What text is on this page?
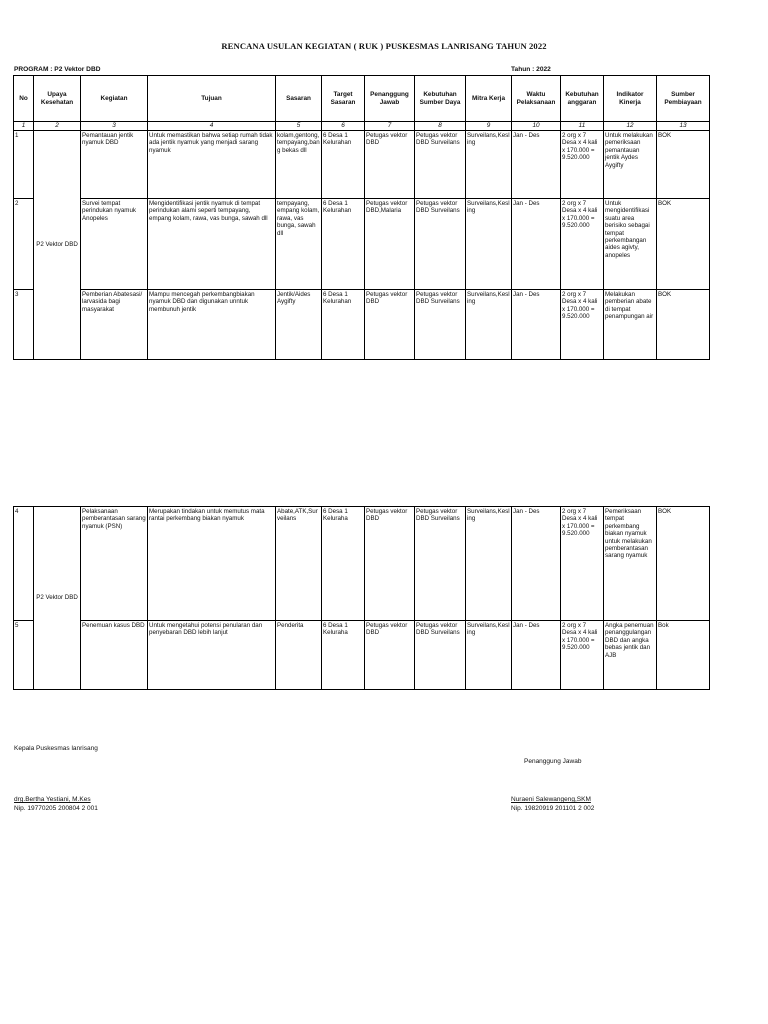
RENCANA USULAN KEGIATAN ( RUK ) PUSKESMAS LANRISANG TAHUN 2022
PROGRAM : P2 Vektor DBD	Tahun : 2022
No	Upaya Kesehatan	Kegiatan	Tujuan	Sasaran	Target Sasaran	Penanggung Jawab	Kebutuhan Sumber Daya	Mitra Kerja	Waktu Pelaksanaan	Kebutuhan anggaran	Indikator Kinerja	Sumber Pembiayaan
1	2	3	4	5	6	7	8	9	10	11	12	13
1	P2 Vektor DBD	Pemantauan jentik nyamuk DBD	Untuk memastikan bahwa setiap rumah tidak ada jentik nyamuk yang menjadi sarang nyamuk	kolam,gentong,tempayang,bang bekas dll	6 Desa 1 Kelurahan	Petugas vektor DBD	Petugas vektor DBD Surveilans	Surveilans,Kesling	Jan - Des	2 org x 7 Desa x 4 kali x 170.000 = 9.520.000	Untuk melakukan pemeriksaan pemantauan jentik Aydes Aygifty	BOK
2		Survei tempat perindukan nyamuk Anopeles	Mengidentifikasi jentik nyamuk di tempat perindukan alami seperti tempayang, empang kolam, rawa, vas bunga, sawah dll	tempayang, empang kolam, rawa, vas bunga, sawah dll	6 Desa 1 Kelurahan	Petugas vektor DBD,Malaria	Petugas vektor DBD Surveilans	Surveilans,Kesling	Jan - Des	2 org x 7 Desa x 4 kali x 170.000 = 9.520.000	Untuk mengidentifikasi suatu area berisiko sebagai tempat perkembangan aides agivty, anopeles	BOK
3		Pemberian Abatesasi/ larvasida bagi masyarakat	Mampu mencegah perkembangbiakan nyamuk DBD dan digunakan unntuk membunuh jentik	Jentik/Aides Aygifty	6 Desa 1 Kelurahan	Petugas vektor DBD	Petugas vektor DBD Surveilans	Surveilans,Kesling	Jan - Des	2 org x 7 Desa x 4 kali x 170.000 = 9.520.000	Melakukan pemberian abate di tempat penampungan air	BOK
4	P2 Vektor DBD	Pelaksanaan pemberantasan sarang nyamuk (PSN)	Merupakan tindakan untuk memutus mata rantai perkembang biakan nyamuk	Abate,ATK,Surveilans	6 Desa 1 Keluraha	Petugas vektor DBD	Petugas vektor DBD Surveilans	Surveilans,Kesling	Jan - Des	2 org x 7 Desa x 4 kali x 170.000 = 9.520.000	Pemeriksaan tempat perkembang biakan nyamuk untuk melakukan pemberantasan sarang nyamuk	BOK
5		Penemuan kasus DBD	Untuk mengetahui potensi penularan dan penyebaran DBD lebih lanjut	Penderita	6 Desa 1 Keluraha	Petugas vektor DBD	Petugas vektor DBD Surveilans	Surveilans,Kesling	Jan - Des	2 org x 7 Desa x 4 kali x 170.000 = 9.520.000	Angka penemuan penanggulangan DBD dan angka bebas jentik dan AJB	Bok
Kepala Puskesmas lanrisang
Penanggung Jawab
drg.Bertha Yestiani, M.Kes	Nuraeni Salewangeng,SKM
Nip. 19770205 200804 2 001	Nip. 19820919 201101 2 002
